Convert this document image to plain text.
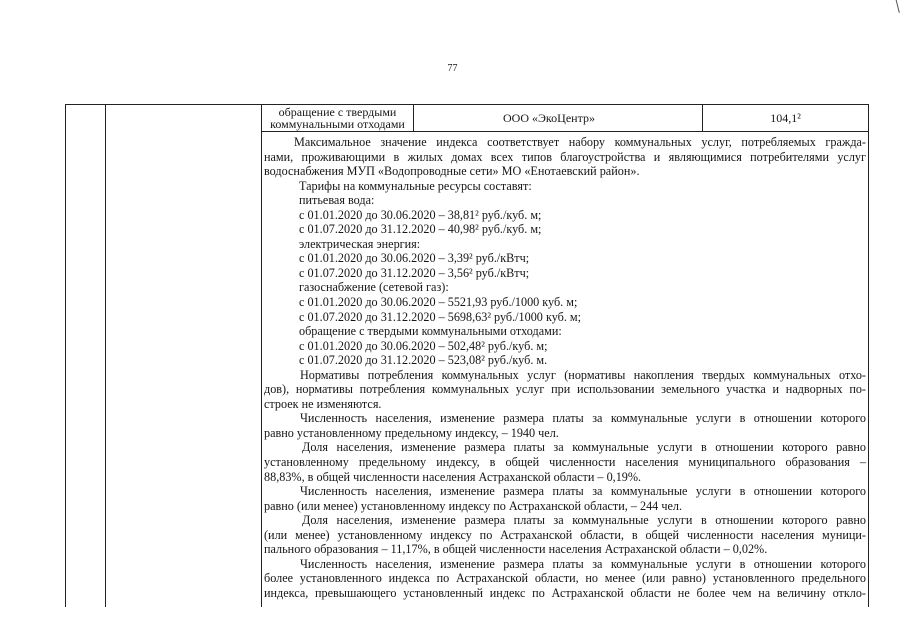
77
обращение с твердыми коммунальными отходами	ООО «ЭкоЦентр»	104,1²
Максимальное значение индекса соответствует набору коммунальных услуг, потребляемых гражда-
нами, проживающими в жилых домах всех типов благоустройства и являющимися потребителями услуг
водоснабжения МУП «Водопроводные сети» МО «Енотаевский район».
Тарифы на коммунальные ресурсы составят:
питьевая вода:
с 01.01.2020 до 30.06.2020 – 38,81² руб./куб. м;
с 01.07.2020 до 31.12.2020 – 40,98² руб./куб. м;
электрическая энергия:
с 01.01.2020 до 30.06.2020 – 3,39² руб./кВтч;
с 01.07.2020 до 31.12.2020 – 3,56² руб./кВтч;
газоснабжение (сетевой газ):
с 01.01.2020 до 30.06.2020 – 5521,93 руб./1000 куб. м;
с 01.07.2020 до 31.12.2020 – 5698,63² руб./1000 куб. м;
обращение с твердыми коммунальными отходами:
с 01.01.2020 до 30.06.2020 – 502,48² руб./куб. м;
с 01.07.2020 до 31.12.2020 – 523,08² руб./куб. м.
Нормативы потребления коммунальных услуг (нормативы накопления твердых коммунальных отхо-
дов), нормативы потребления коммунальных услуг при использовании земельного участка и надворных по-
строек не изменяются.
Численность населения, изменение размера платы за коммунальные услуги в отношении которого
равно установленному предельному индексу, – 1940 чел.
Доля населения, изменение размера платы за коммунальные услуги в отношении которого равно
установленному предельному индексу, в общей численности населения муниципального образования –
88,83%, в общей численности населения Астраханской области – 0,19%.
Численность населения, изменение размера платы за коммунальные услуги в отношении которого
равно (или менее) установленному индексу по Астраханской области, – 244 чел.
Доля населения, изменение размера платы за коммунальные услуги в отношении которого равно
(или менее) установленному индексу по Астраханской области, в общей численности населения муници-
пального образования – 11,17%, в общей численности населения Астраханской области – 0,02%.
Численность населения, изменение размера платы за коммунальные услуги в отношении которого
более установленного индекса по Астраханской области, но менее (или равно) установленного предельного
индекса, превышающего установленный индекс по Астраханской области не более чем на величину откло-
